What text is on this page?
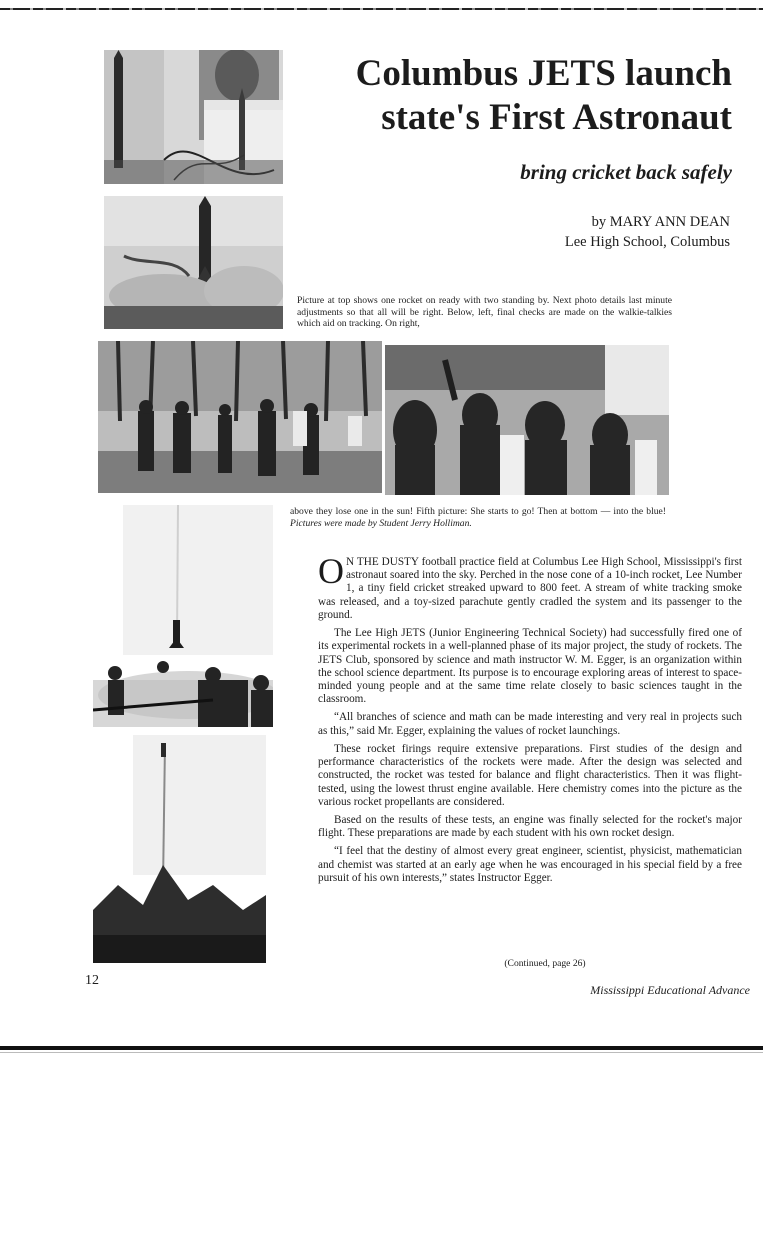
Columbus JETS launch
state's First Astronaut
bring cricket back safely
by MARY ANN DEAN
Lee High School, Columbus
Picture at top shows one rocket on ready with two standing by. Next photo details last minute adjustments so that all will be right. Below, left, final checks are made on the walkie-talkies which aid on tracking. On right,
above they lose one in the sun! Fifth picture: She starts to go! Then at bottom — into the blue! Pictures were made by Student Jerry Holliman.

O N THE DUSTY football practice field at Columbus Lee High School, Mississippi's first astronaut soared into the sky. Perched in the nose cone of a 10-inch rocket, Lee Number 1, a tiny field cricket streaked upward to 800 feet. A stream of white tracking smoke was released, and a toy-sized parachute gently cradled the system and its passenger to the ground.

The Lee High JETS (Junior Engineering Technical Society) had successfully fired one of its experimental rockets in a well-planned phase of its major project, the study of rockets. The JETS Club, sponsored by science and math instructor W. M. Egger, is an organization within the school science department. Its purpose is to encourage exploring areas of interest to space-minded young people and at the same time relate closely to basic sciences taught in the classroom.

“All branches of science and math can be made interesting and very real in projects such as this,” said Mr. Egger, explaining the values of rocket launchings.

These rocket firings require extensive preparations. First studies of the design and performance characteristics of the rockets were made. After the design was selected and constructed, the rocket was tested for balance and flight characteristics. Then it was flight-tested, using the lowest thrust engine available. Here chemistry comes into the picture as the various rocket propellants are considered.

Based on the results of these tests, an engine was finally selected for the rocket's major flight. These preparations are made by each student with his own rocket design.

“I feel that the destiny of almost every great engineer, scientist, physicist, mathematician and chemist was started at an early age when he was encouraged in his special field by a free pursuit of his own interests,” states Instructor Egger.

(Continued, page 26)
12
Mississippi Educational Advance
